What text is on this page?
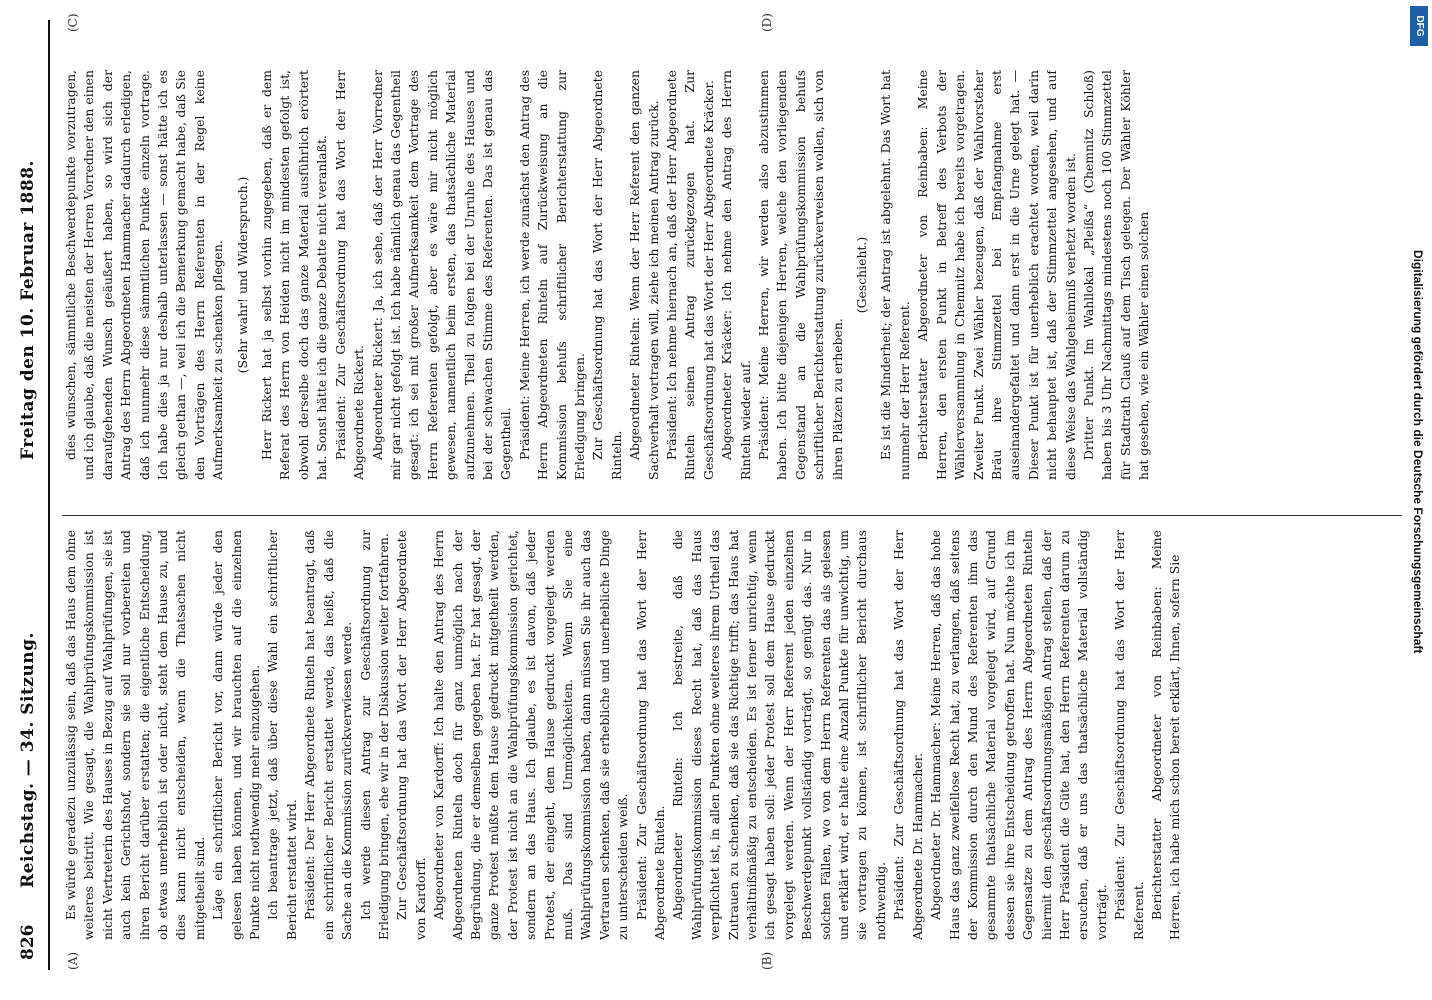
826
Reichstag. — 34. Sitzung.
Freitag den 10. Februar 1888.
(A)	(B)
(C)	(D)

Es würde geradezu unzulässig sein, daß das Haus dem ohne weiteres beitritt. Wie gesagt, die Wahlprüfungskommission ist nicht Vertreterin des Hauses in Bezug auf Wahlprüfungen, sie ist auch kein Gerichtshof, sondern sie soll nur vorbereiten und ihren Bericht darüber erstatten; die eigentliche Entscheidung, ob etwas unerheblich ist oder nicht, steht dem Hause zu, und dies kann nicht entscheiden, wenn die Thatsachen nicht mitgetheilt sind. Läge ein schriftlicher Bericht vor, dann würde jeder den gelesen haben können, und wir brauchten auf die einzelnen Punkte nicht nothwendig mehr einzugehen. Ich beantrage jetzt, daß über diese Wahl ein schriftlicher Bericht erstattet wird. Präsident: Der Herr Abgeordnete Rinteln hat beantragt, daß ein schriftlicher Bericht erstattet werde, das heißt, daß die Sache an die Kommission zurückverwiesen werde. Ich werde diesen Antrag zur Geschäftsordnung zur Erledigung bringen, ehe wir in der Diskussion weiter fortfahren. Zur Geschäftsordnung hat das Wort der Herr Abgeordnete von Kardorff. Abgeordneter von Kardorff: Ich halte den Antrag des Herrn Abgeordneten Rinteln doch für ganz unmöglich nach der Begründung, die er demselben gegeben hat. Er hat gesagt, der ganze Protest müßte dem Hause gedruckt mitgetheilt werden, der Protest ist nicht an die Wahlprüfungskommission gerichtet, sondern an das Haus. Ich glaube, es ist davon, daß jeder Protest, der eingeht, dem Hause gedruckt vorgelegt werden muß. Das sind Unmöglichkeiten. Wenn Sie eine Wahlprüfungskommission haben, dann müssen Sie ihr auch das Vertrauen schenken, daß sie erhebliche und unerhebliche Dinge zu unterscheiden weiß. Präsident: Zur Geschäftsordnung hat das Wort der Herr Abgeordnete Rinteln. Abgeordneter Rinteln: Ich bestreite, daß die Wahlprüfungskommission dieses Recht hat, daß das Haus verpflichtet ist, in allen Punkten ohne weiteres ihrem Urtheil das Zutrauen zu schenken, daß sie das Richtige trifft; das Haus hat verhältnißmäßig zu entscheiden. Es ist ferner unrichtig, wenn ich gesagt haben soll: jeder Protest soll dem Hause gedruckt vorgelegt werden. Wenn der Herr Referent jeden einzelnen Beschwerdepunkt vollständig vorträgt, so genügt das. Nur in solchen Fällen, wo von dem Herrn Referenten das als gelesen und erklärt wird, er halte eine Anzahl Punkte für unwichtig, um sie vortragen zu können, ist schriftlicher Bericht durchaus nothwendig. Präsident: Zur Geschäftsordnung hat das Wort der Herr Abgeordnete Dr. Hammacher. Abgeordneter Dr. Hammacher: Meine Herren, daß das hohe Haus das ganz zweifellose Recht hat, zu verlangen, daß seitens der Kommission durch den Mund des Referenten ihm das gesammte thatsächliche Material vorgelegt wird, auf Grund dessen sie ihre Entscheidung getroffen hat. Nun möchte ich im Gegensatze zu dem Antrag des Herrn Abgeordneten Rinteln hiermit den geschäftsordnungsmäßigen Antrag stellen, daß der Herr Präsident die Güte hat, den Herrn Referenten darum zu ersuchen, daß er uns das thatsächliche Material vollständig vorträgt. Präsident: Zur Geschäftsordnung hat das Wort der Herr Referent. Berichterstatter Abgeordneter von Reinbaben: Meine Herren, ich habe mich schon bereit erklärt, Ihnen, sofern Sie

dies wünschen, sämmtliche Beschwerdepunkte vorzutragen, und ich glaube, daß die meisten der Herren Vorredner den einen daraufgehenden Wunsch geäußert haben, so wird sich der Antrag des Herrn Abgeordneten Hammacher dadurch erledigen, daß ich nunmehr diese sämmtlichen Punkte einzeln vortrage. Ich habe dies ja nur deshalb unterlassen — sonst hätte ich es gleich gethan —, weil ich die Bemerkung gemacht habe, daß Sie den Vorträgen des Herrn Referenten in der Regel keine Aufmerksamkeit zu schenken pflegen. (Sehr wahr! und Widerspruch.) Herr Rickert hat ja selbst vorhin zugegeben, daß er dem Referat des Herrn von Heiden nicht im mindesten gefolgt ist, obwohl derselbe doch das ganze Material ausführlich erörtert hat. Sonst hätte ich die ganze Debatte nicht veranlaßt. Präsident: Zur Geschäftsordnung hat das Wort der Herr Abgeordnete Rickert. Abgeordneter Rickert: Ja, ich sehe, daß der Herr Vorredner mir gar nicht gefolgt ist. Ich habe nämlich genau das Gegentheil gesagt: ich sei mit großer Aufmerksamkeit dem Vortrage des Herrn Referenten gefolgt, aber es wäre mir nicht möglich gewesen, namentlich beim ersten, das thatsächliche Material aufzunehmen. Theil zu folgen bei der Unruhe des Hauses und bei der schwachen Stimme des Referenten. Das ist genau das Gegentheil. Präsident: Meine Herren, ich werde zunächst den Antrag des Herrn Abgeordneten Rinteln auf Zurückweisung an die Kommission behufs schriftlicher Berichterstattung zur Erledigung bringen. Zur Geschäftsordnung hat das Wort der Herr Abgeordnete Rinteln. Abgeordneter Rinteln: Wenn der Herr Referent den ganzen Sachverhalt vortragen will, ziehe ich meinen Antrag zurück. Präsident: Ich nehme hiernach an, daß der Herr Abgeordnete Rinteln seinen Antrag zurückgezogen hat. Zur Geschäftsordnung hat das Wort der Herr Abgeordnete Kräcker. Abgeordneter Kräcker: Ich nehme den Antrag des Herrn Rinteln wieder auf. Präsident: Meine Herren, wir werden also abzustimmen haben. Ich bitte diejenigen Herren, welche den vorliegenden Gegenstand an die Wahlprüfungskommission behufs schriftlicher Berichterstattung zurückverweisen wollen, sich von ihren Plätzen zu erheben.

(Geschieht.) Es ist die Minderheit; der Antrag ist abgelehnt. Das Wort hat nunmehr der Herr Referent. Berichterstatter Abgeordneter von Reinbaben: Meine Herren, den ersten Punkt in Betreff des Verbots der Wählerversammlung in Chemnitz habe ich bereits vorgetragen. Zweiter Punkt. Zwei Wähler bezeugen, daß der Wahlvorsteher Bräu ihre Stimmzettel bei Empfangnahme erst auseinandergefaltet und dann erst in die Urne gelegt hat. — Dieser Punkt ist für unerheblich erachtet worden, weil darin nicht behauptet ist, daß der Stimmzettel angesehen, und auf diese Weise das Wahlgeheimniß verletzt worden ist. Dritter Punkt. Im Wahllokal „Pleißa“ (Chemnitz Schloß) haben bis 3 Uhr Nachmittags mindestens noch 100 Stimmzettel für Stadtrath Clauß auf dem Tisch gelegen. Der Wähler Köhler hat gesehen, wie ein Wähler einen solchen

DFG
Digitalisierung gefördert durch die Deutsche Forschungsgemeinschaft
